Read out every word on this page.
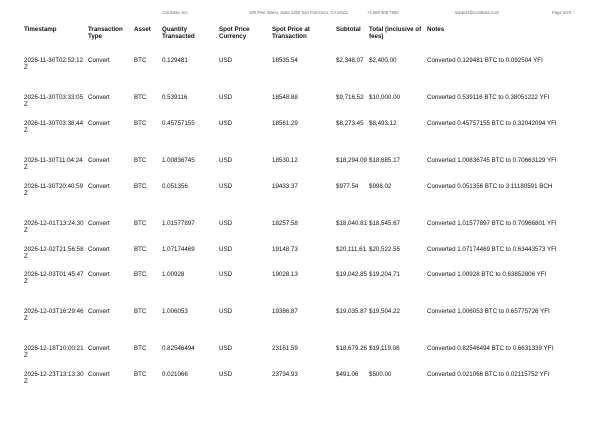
Coinbase, Inc.	100 Pine Street, Suite 1250 San Francisco, CA 94111	+1 888 908 7930	support@coinbase.com	Page 6/23
Timestamp	Transaction Type	Asset	Quantity Transacted	Spot Price Currency	Spot Price at Transaction	Subtotal	Total (inclusive of fees)	Notes
2026-11-30T02:52:12Z	Convert	BTC	0.129481	USD	18535.54	$2,348.07	$2,400.00	Converted 0.129481 BTC to 0.092504 YFI
2026-11-30T03:33:05Z	Convert	BTC	0.539116	USD	18548.88	$9,716.52	$10,000.00	Converted 0.539116 BTC to 0.38051222 YFI
2026-11-30T03:38:44Z	Convert	BTC	0.45757155	USD	18561.29	$8,273.45	$8,493.12	Converted 0.45757155 BTC to 0.32042094 YFI
2026-11-30T11:04:24Z	Convert	BTC	1.00836745	USD	18530.12	$18,294.09	$18,685.17	Converted 1.00836745 BTC to 0.70663129 YFI
2026-11-30T20:40:59Z	Convert	BTC	0.051356	USD	19433.37	$977.54	$998.02	Converted 0.051356 BTC to 3.11180591 BCH
2026-12-01T13:24:30Z	Convert	BTC	1.01577897	USD	18257.58	$18,040.81	$18,545.67	Converted 1.01577897 BTC to 0.70966801 YFI
2026-12-02T21:56:58Z	Convert	BTC	1.07174469	USD	19148.73	$20,111.61	$20,522.55	Converted 1.07174469 BTC to 0.63443573 YFI
2026-12-03T01:45:47Z	Convert	BTC	1.00928	USD	19028.13	$19,042.85	$19,204.71	Converted 1.00928 BTC to 0.63852806 YFI
2026-12-03T16:29:46Z	Convert	BTC	1.006053	USD	19386.87	$19,035.87	$19,504.22	Converted 1.006053 BTC to 0.65775726 YFI
2026-12-18T10:00:21Z	Convert	BTC	0.82546494	USD	23161.59	$18,679.26	$19,119.08	Converted 0.82546494 BTC to 0.6631339 YFI
2026-12-23T13:13:30Z	Convert	BTC	0.021066	USD	23734.93	$491.06	$500.00	Converted 0.021066 BTC to 0.02115752 YFI
